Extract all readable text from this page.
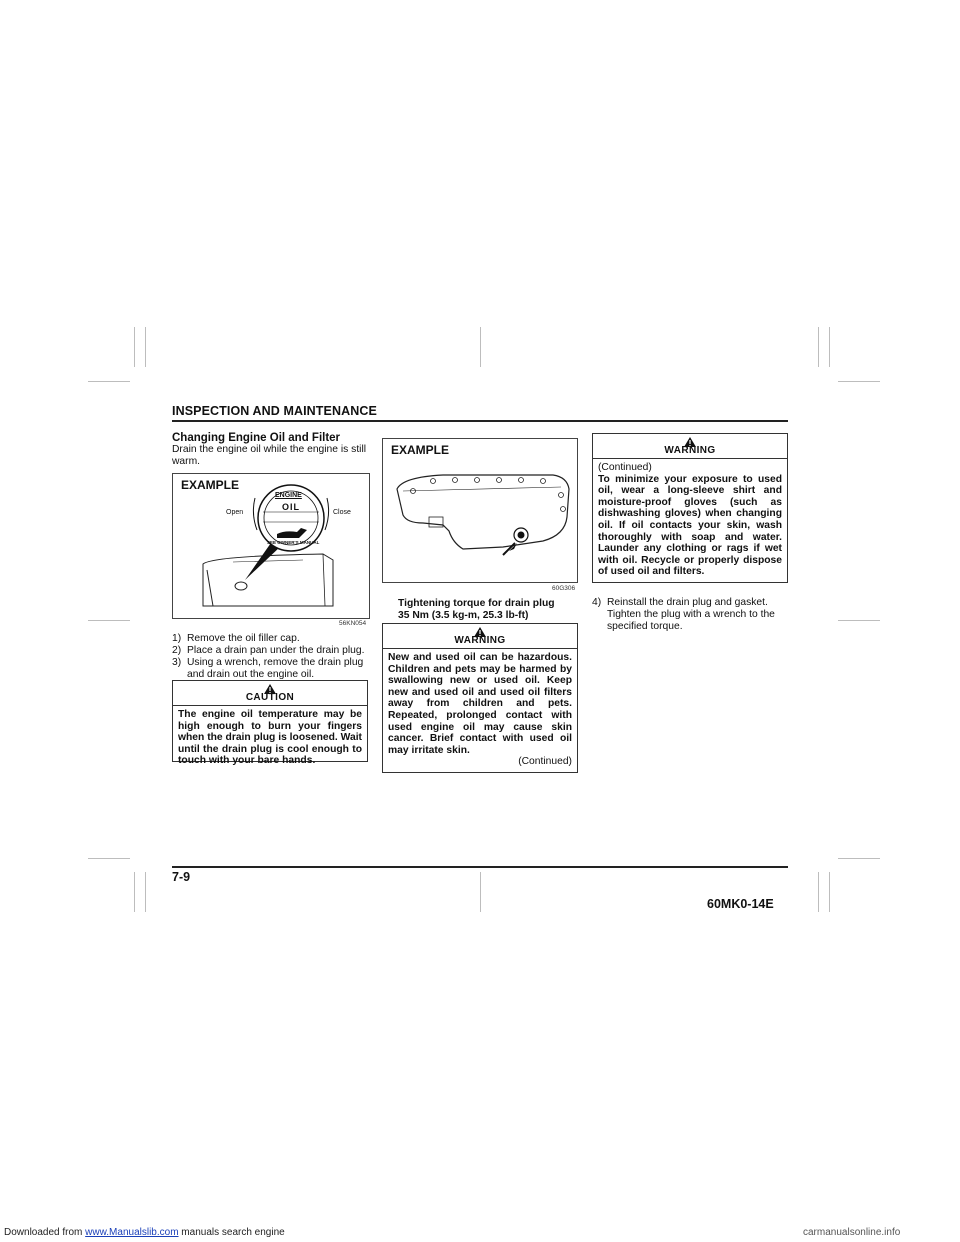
INSPECTION AND MAINTENANCE
Changing Engine Oil and Filter
Drain the engine oil while the engine is still warm.
EXAMPLE
ENGINE
OIL
SEE OWNER'S MANUAL
Open	Close
56KN054
1) Remove the oil filler cap.
2) Place a drain pan under the drain plug.
3) Using a wrench, remove the drain plug and drain out the engine oil.
CAUTION
The engine oil temperature may be high enough to burn your fingers when the drain plug is loosened. Wait until the drain plug is cool enough to touch with your bare hands.
EXAMPLE
60G306
Tightening torque for drain plug
35 Nm (3.5 kg-m, 25.3 lb-ft)
WARNING

New and used oil can be hazardous. Children and pets may be harmed by swallowing new or used oil. Keep new and used oil and used oil filters away from children and pets. Repeated, prolonged contact with used engine oil may cause skin cancer. Brief contact with used oil may irritate skin.

(Continued)

WARNING

(Continued)

To minimize your exposure to used oil, wear a long-sleeve shirt and moisture-proof gloves (such as dishwashing gloves) when changing oil. If oil contacts your skin, wash thoroughly with soap and water. Launder any clothing or rags if wet with oil. Recycle or properly dispose of used oil and filters.

4) Reinstall the drain plug and gasket. Tighten the plug with a wrench to the specified torque.
7-9
60MK0-14E
Downloaded from www.Manualslib.com manuals search engine	carmanualsonline.info
